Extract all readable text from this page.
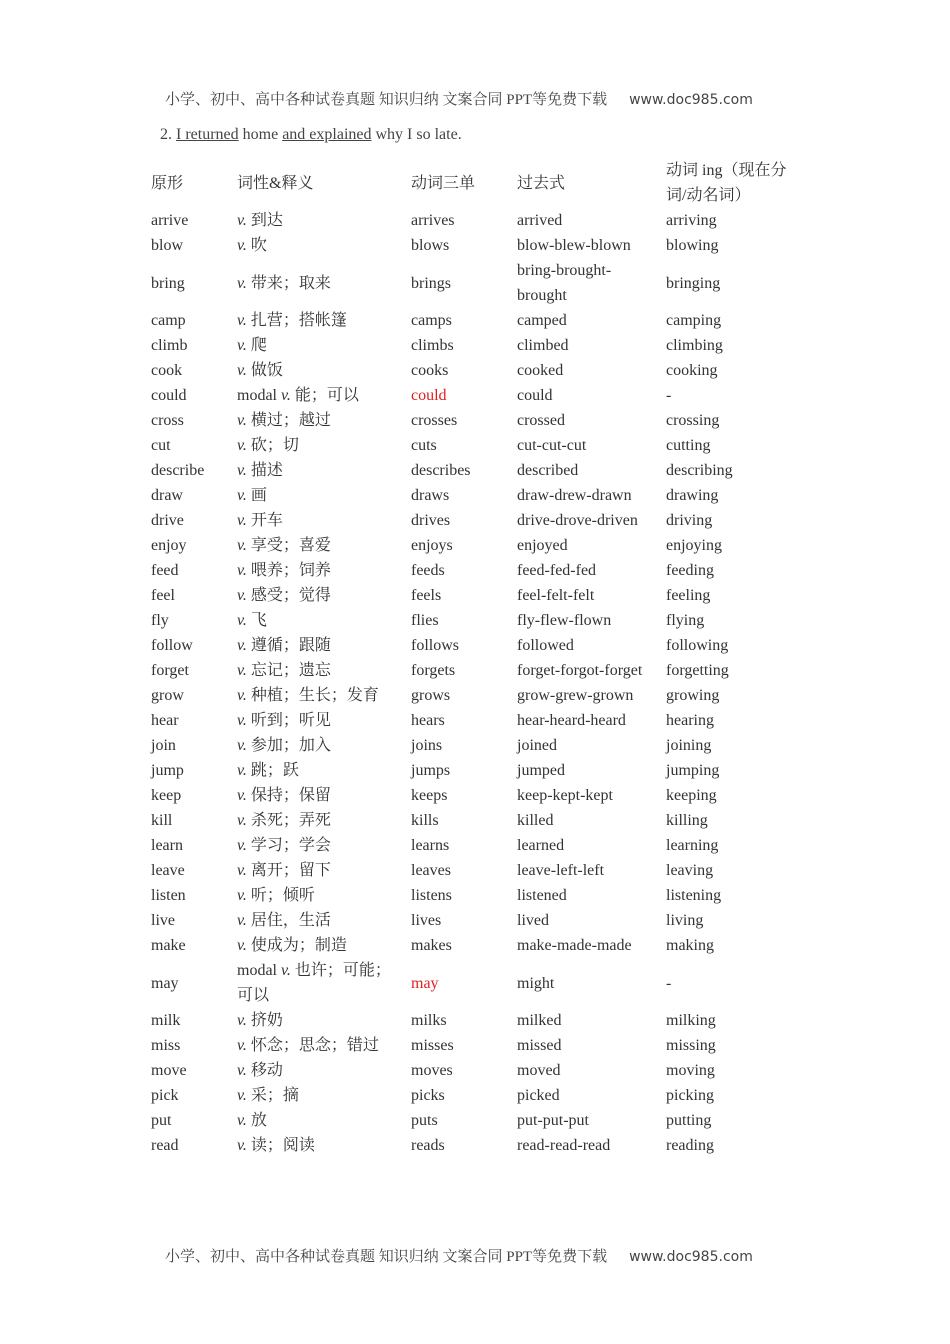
小学、初中、高中各种试卷真题 知识归纳 文案合同 PPT等免费下载 www.doc985.com
2. I returned home and explained why I so late.
原形	词性&释义	动词三单	过去式	动词 ing（现在分词/动名词）
arrive	v. 到达	arrives	arrived	arriving
blow	v. 吹	blows	blow-blew-blown	blowing
bring	v. 带来；取来	brings	bring-brought-brought	bringing
camp	v. 扎营；搭帐篷	camps	camped	camping
climb	v. 爬	climbs	climbed	climbing
cook	v. 做饭	cooks	cooked	cooking
could	modal v. 能；可以	could	could	-
cross	v. 横过；越过	crosses	crossed	crossing
cut	v. 砍；切	cuts	cut-cut-cut	cutting
describe	v. 描述	describes	described	describing
draw	v. 画	draws	draw-drew-drawn	drawing
drive	v. 开车	drives	drive-drove-driven	driving
enjoy	v. 享受；喜爱	enjoys	enjoyed	enjoying
feed	v. 喂养；饲养	feeds	feed-fed-fed	feeding
feel	v. 感受；觉得	feels	feel-felt-felt	feeling
fly	v. 飞	flies	fly-flew-flown	flying
follow	v. 遵循；跟随	follows	followed	following
forget	v. 忘记；遗忘	forgets	forget-forgot-forget	forgetting
grow	v. 种植；生长；发育	grows	grow-grew-grown	growing
hear	v. 听到；听见	hears	hear-heard-heard	hearing
join	v. 参加；加入	joins	joined	joining
jump	v. 跳；跃	jumps	jumped	jumping
keep	v. 保持；保留	keeps	keep-kept-kept	keeping
kill	v. 杀死；弄死	kills	killed	killing
learn	v. 学习；学会	learns	learned	learning
leave	v. 离开；留下	leaves	leave-left-left	leaving
listen	v. 听；倾听	listens	listened	listening
live	v. 居住，生活	lives	lived	living
make	v. 使成为；制造	makes	make-made-made	making
may	modal v. 也许；可能；可以	may	might	-
milk	v. 挤奶	milks	milked	milking
miss	v. 怀念；思念；错过	misses	missed	missing
move	v. 移动	moves	moved	moving
pick	v. 采；摘	picks	picked	picking
put	v. 放	puts	put-put-put	putting
read	v. 读；阅读	reads	read-read-read	reading
小学、初中、高中各种试卷真题 知识归纳 文案合同 PPT等免费下载 www.doc985.com
